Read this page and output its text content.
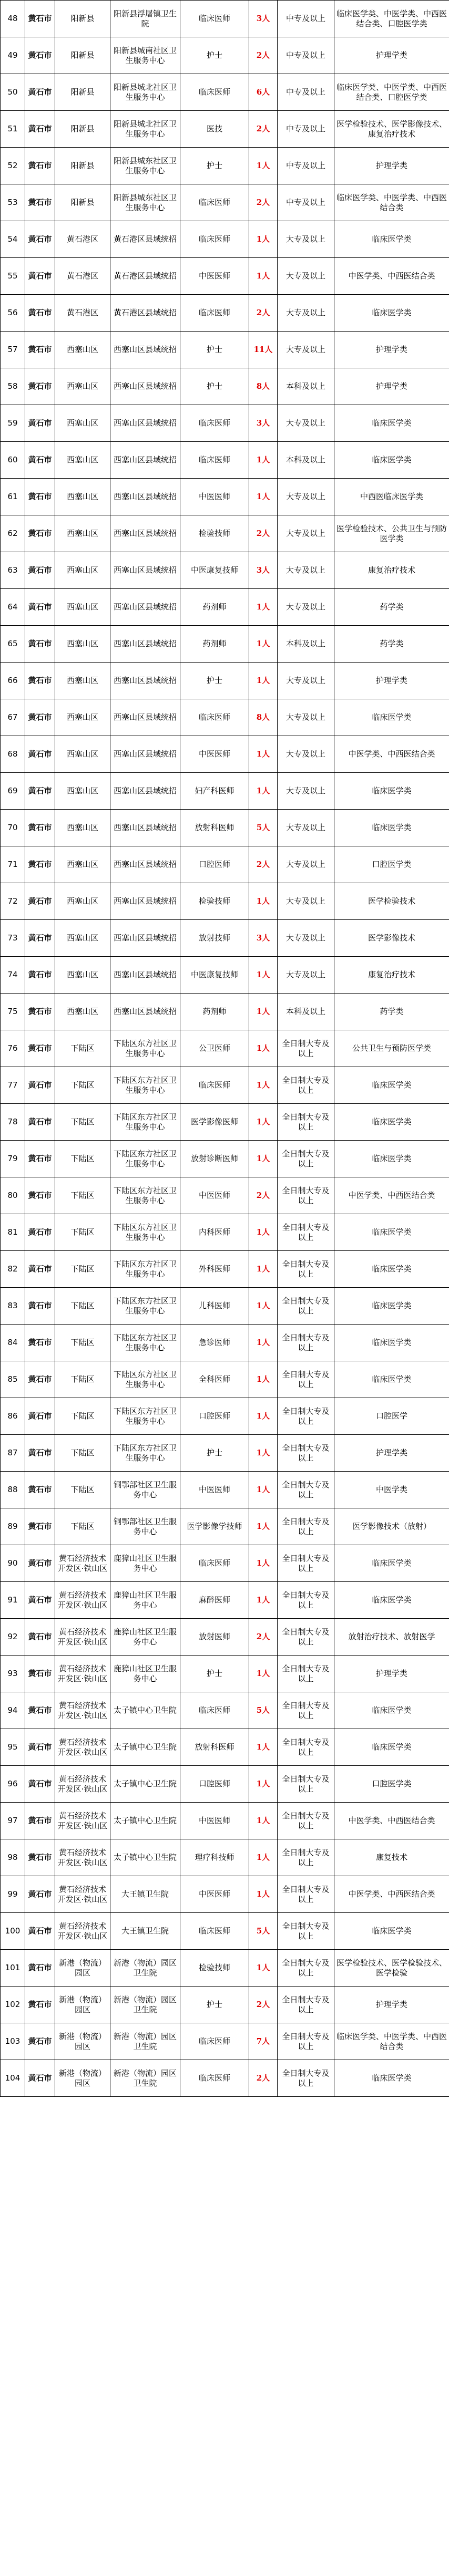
48	黄石市	阳新县	阳新县浮屠镇卫生院	临床医师	3人	中专及以上	临床医学类、中医学类、中西医结合类、口腔医学类
49	黄石市	阳新县	阳新县城南社区卫生服务中心	护士	2人	中专及以上	护理学类
50	黄石市	阳新县	阳新县城北社区卫生服务中心	临床医师	6人	中专及以上	临床医学类、中医学类、中西医结合类、口腔医学类
51	黄石市	阳新县	阳新县城北社区卫生服务中心	医技	2人	中专及以上	医学检验技术、医学影像技术、康复治疗技术
52	黄石市	阳新县	阳新县城东社区卫生服务中心	护士	1人	中专及以上	护理学类
53	黄石市	阳新县	阳新县城东社区卫生服务中心	临床医师	2人	中专及以上	临床医学类、中医学类、中西医结合类
54	黄石市	黄石港区	黄石港区县域统招	临床医师	1人	大专及以上	临床医学类
55	黄石市	黄石港区	黄石港区县域统招	中医医师	1人	大专及以上	中医学类、中西医结合类
56	黄石市	黄石港区	黄石港区县域统招	临床医师	2人	大专及以上	临床医学类
57	黄石市	西塞山区	西塞山区县域统招	护士	11人	大专及以上	护理学类
58	黄石市	西塞山区	西塞山区县域统招	护士	8人	本科及以上	护理学类
59	黄石市	西塞山区	西塞山区县域统招	临床医师	3人	大专及以上	临床医学类
60	黄石市	西塞山区	西塞山区县域统招	临床医师	1人	本科及以上	临床医学类
61	黄石市	西塞山区	西塞山区县域统招	中医医师	1人	大专及以上	中西医临床医学类
62	黄石市	西塞山区	西塞山区县域统招	检验技师	2人	大专及以上	医学检验技术、公共卫生与预防医学类
63	黄石市	西塞山区	西塞山区县域统招	中医康复技师	3人	大专及以上	康复治疗技术
64	黄石市	西塞山区	西塞山区县域统招	药剂师	1人	大专及以上	药学类
65	黄石市	西塞山区	西塞山区县域统招	药剂师	1人	本科及以上	药学类
66	黄石市	西塞山区	西塞山区县域统招	护士	1人	大专及以上	护理学类
67	黄石市	西塞山区	西塞山区县域统招	临床医师	8人	大专及以上	临床医学类
68	黄石市	西塞山区	西塞山区县域统招	中医医师	1人	大专及以上	中医学类、中西医结合类
69	黄石市	西塞山区	西塞山区县域统招	妇产科医师	1人	大专及以上	临床医学类
70	黄石市	西塞山区	西塞山区县域统招	放射科医师	5人	大专及以上	临床医学类
71	黄石市	西塞山区	西塞山区县域统招	口腔医师	2人	大专及以上	口腔医学类
72	黄石市	西塞山区	西塞山区县域统招	检验技师	1人	大专及以上	医学检验技术
73	黄石市	西塞山区	西塞山区县域统招	放射技师	3人	大专及以上	医学影像技术
74	黄石市	西塞山区	西塞山区县域统招	中医康复技师	1人	大专及以上	康复治疗技术
75	黄石市	西塞山区	西塞山区县域统招	药剂师	1人	本科及以上	药学类
76	黄石市	下陆区	下陆区东方社区卫生服务中心	公卫医师	1人	全日制大专及以上	公共卫生与预防医学类
77	黄石市	下陆区	下陆区东方社区卫生服务中心	临床医师	1人	全日制大专及以上	临床医学类
78	黄石市	下陆区	下陆区东方社区卫生服务中心	医学影像医师	1人	全日制大专及以上	临床医学类
79	黄石市	下陆区	下陆区东方社区卫生服务中心	放射诊断医师	1人	全日制大专及以上	临床医学类
80	黄石市	下陆区	下陆区东方社区卫生服务中心	中医医师	2人	全日制大专及以上	中医学类、中西医结合类
81	黄石市	下陆区	下陆区东方社区卫生服务中心	内科医师	1人	全日制大专及以上	临床医学类
82	黄石市	下陆区	下陆区东方社区卫生服务中心	外科医师	1人	全日制大专及以上	临床医学类
83	黄石市	下陆区	下陆区东方社区卫生服务中心	儿科医师	1人	全日制大专及以上	临床医学类
84	黄石市	下陆区	下陆区东方社区卫生服务中心	急诊医师	1人	全日制大专及以上	临床医学类
85	黄石市	下陆区	下陆区东方社区卫生服务中心	全科医师	1人	全日制大专及以上	临床医学类
86	黄石市	下陆区	下陆区东方社区卫生服务中心	口腔医师	1人	全日制大专及以上	口腔医学
87	黄石市	下陆区	下陆区东方社区卫生服务中心	护士	1人	全日制大专及以上	护理学类
88	黄石市	下陆区	铜鄂部社区卫生服务中心	中医医师	1人	全日制大专及以上	中医学类
89	黄石市	下陆区	铜鄂部社区卫生服务中心	医学影像学技师	1人	全日制大专及以上	医学影像技术（放射）
90	黄石市	黄石经济技术开发区·铁山区	鹿獐山社区卫生服务中心	临床医师	1人	全日制大专及以上	临床医学类
91	黄石市	黄石经济技术开发区·铁山区	鹿獐山社区卫生服务中心	麻醉医师	1人	全日制大专及以上	临床医学类
92	黄石市	黄石经济技术开发区·铁山区	鹿獐山社区卫生服务中心	放射医师	2人	全日制大专及以上	放射治疗技术、放射医学
93	黄石市	黄石经济技术开发区·铁山区	鹿獐山社区卫生服务中心	护士	1人	全日制大专及以上	护理学类
94	黄石市	黄石经济技术开发区·铁山区	太子镇中心卫生院	临床医师	5人	全日制大专及以上	临床医学类
95	黄石市	黄石经济技术开发区·铁山区	太子镇中心卫生院	放射科医师	1人	全日制大专及以上	临床医学类
96	黄石市	黄石经济技术开发区·铁山区	太子镇中心卫生院	口腔医师	1人	全日制大专及以上	口腔医学类
97	黄石市	黄石经济技术开发区·铁山区	太子镇中心卫生院	中医医师	1人	全日制大专及以上	中医学类、中西医结合类
98	黄石市	黄石经济技术开发区·铁山区	太子镇中心卫生院	理疗科技师	1人	全日制大专及以上	康复技术
99	黄石市	黄石经济技术开发区·铁山区	大王镇卫生院	中医医师	1人	全日制大专及以上	中医学类、中西医结合类
100	黄石市	黄石经济技术开发区·铁山区	大王镇卫生院	临床医师	5人	全日制大专及以上	临床医学类
101	黄石市	新港（物流）园区	新港（物流）园区卫生院	检验技师	1人	全日制大专及以上	医学检验技术、医学检验技术、医学检验
102	黄石市	新港（物流）园区	新港（物流）园区卫生院	护士	2人	全日制大专及以上	护理学类
103	黄石市	新港（物流）园区	新港（物流）园区卫生院	临床医师	7人	全日制大专及以上	临床医学类、中医学类、中西医结合类
104	黄石市	新港（物流）园区	新港（物流）园区卫生院	临床医师	2人	全日制大专及以上	临床医学类
